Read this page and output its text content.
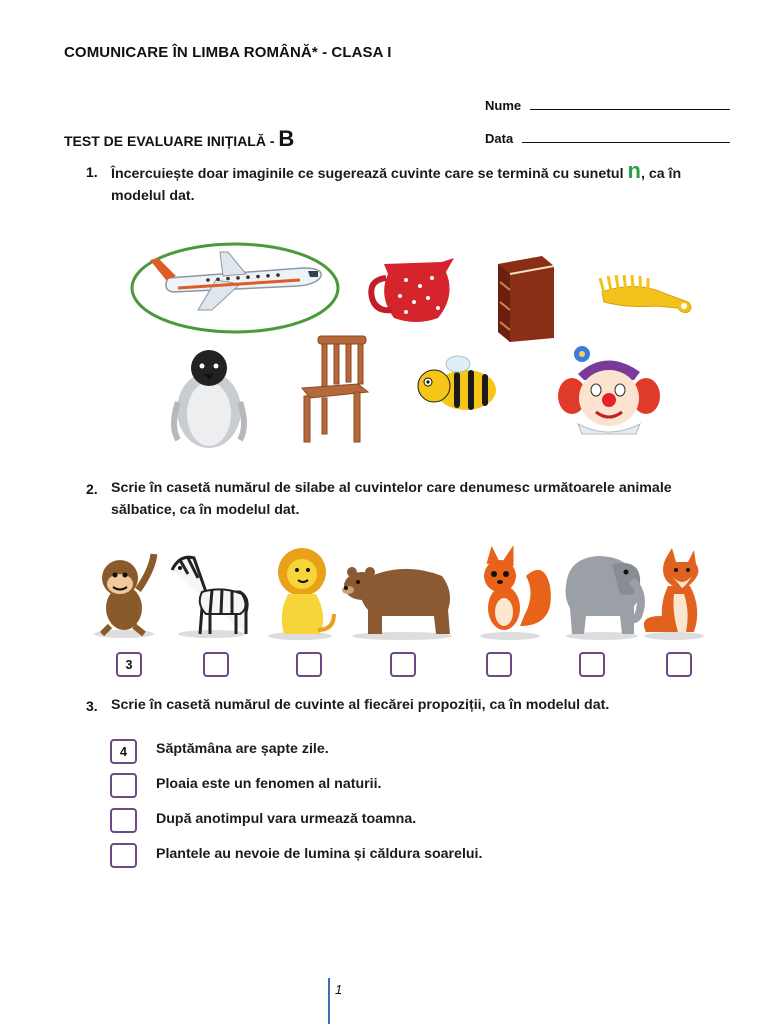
COMUNICARE ÎN LIMBA ROMÂNĂ* - CLASA I
Nume
Data
TEST DE EVALUARE INIȚIALĂ - B
1. Încercuiește doar imaginile ce sugerează cuvinte care se termină cu sunetul n, ca în
modelul dat.
2. Scrie în casetă numărul de silabe al cuvintelor care denumesc următoarele animale
sălbatice, ca în modelul dat.
3
3. Scrie în casetă numărul de cuvinte al fiecărei propoziții, ca în modelul dat.
4	Săptămâna are șapte zile.
Ploaia este un fenomen al naturii.
După anotimpul vara urmează toamna.
Plantele au nevoie de lumina și căldura soarelui.
1
